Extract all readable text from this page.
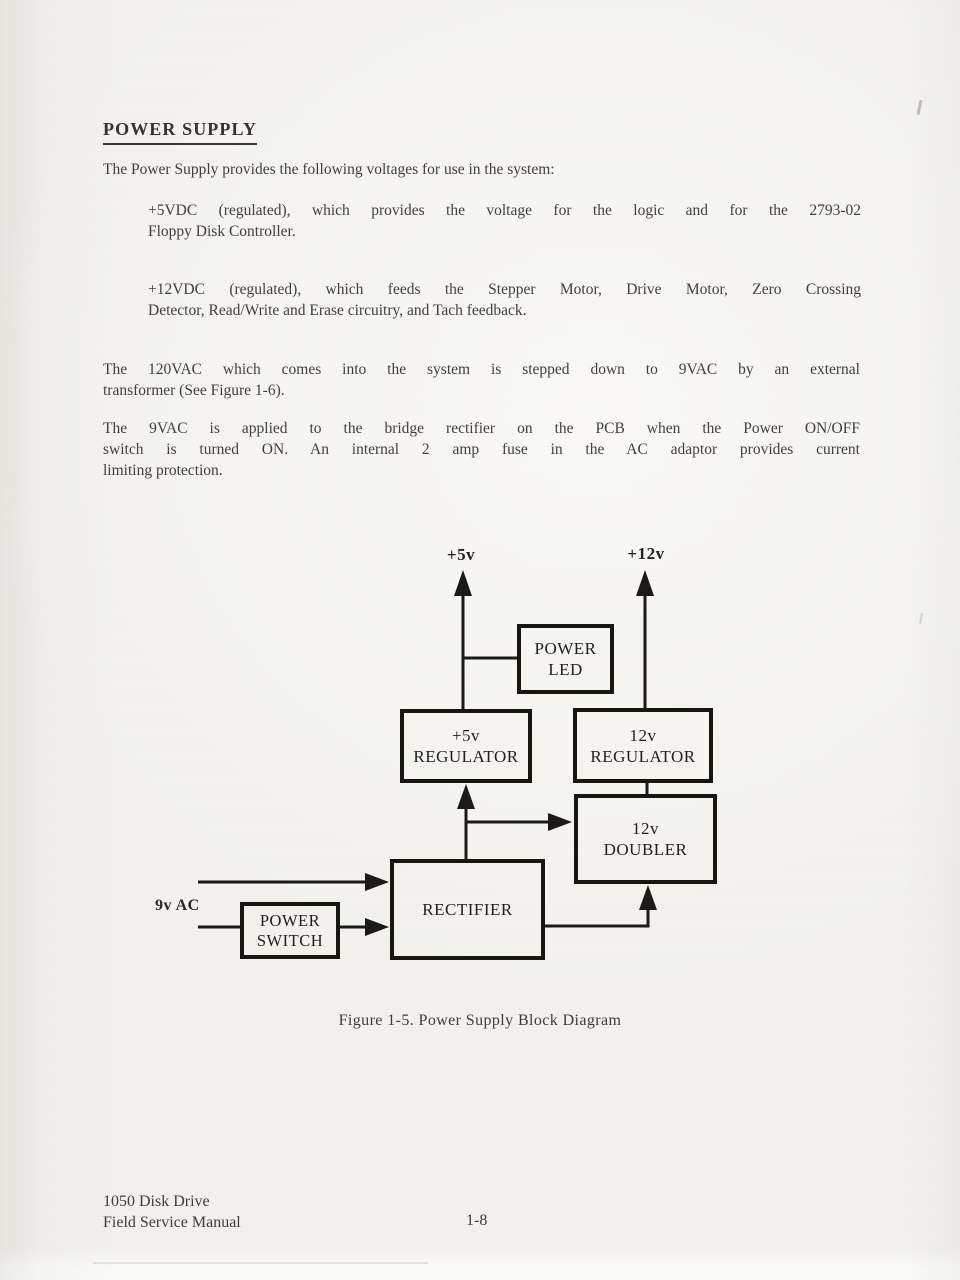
POWER SUPPLY
The Power Supply provides the following voltages for use in the system:
+5VDC (regulated), which provides the voltage for the logic and for the 2793-02
Floppy Disk Controller.
+12VDC (regulated), which feeds the Stepper Motor, Drive Motor, Zero Crossing
Detector, Read/Write and Erase circuitry, and Tach feedback.
The 120VAC which comes into the system is stepped down to 9VAC by an external
transformer (See Figure 1-6).
The 9VAC is applied to the bridge rectifier on the PCB when the Power ON/OFF
switch is turned ON. An internal 2 amp fuse in the AC adaptor provides current
limiting protection.
+5v	+12v
9v AC
POWER
LED
+5v
REGULATOR
12v
REGULATOR
12v
DOUBLER
RECTIFIER
POWER
SWITCH
Figure 1-5. Power Supply Block Diagram
1050 Disk Drive
Field Service Manual	1-8
